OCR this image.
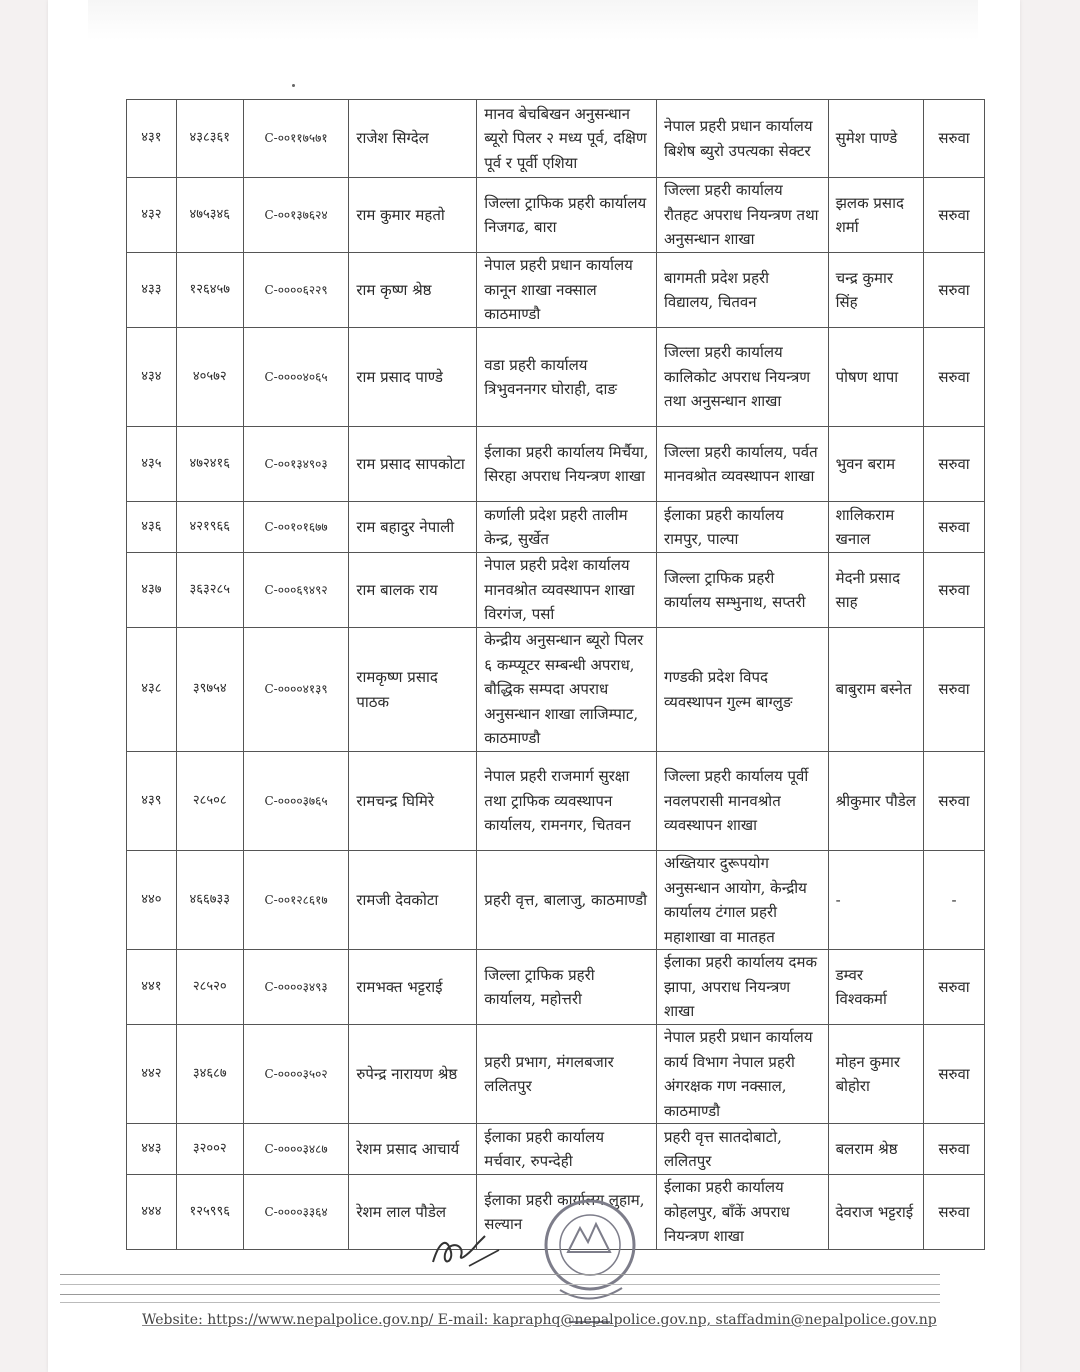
४३१	४३८३६१	C-००११७५७१	राजेश सिग्देल	मानव बेचबिखन अनुसन्धान ब्यूरो पिलर २ मध्य पूर्व, दक्षिण पूर्व र पूर्वी एशिया	नेपाल प्रहरी प्रधान कार्यालय बिशेष ब्युरो उपत्यका सेक्टर	सुमेश पाण्डे	सरुवा
४३२	४७५३४६	C-००१३७६२४	राम कुमार महतो	जिल्ला ट्राफिक प्रहरी कार्यालय निजगढ, बारा	जिल्ला प्रहरी कार्यालय रौतहट अपराध नियन्त्रण तथा अनुसन्धान शाखा	झलक प्रसाद शर्मा	सरुवा
४३३	१२६४५७	C-००००६२२९	राम कृष्ण श्रेष्ठ	नेपाल प्रहरी प्रधान कार्यालय कानून शाखा नक्साल काठमाण्डौ	बागमती प्रदेश प्रहरी विद्यालय, चितवन	चन्द्र कुमार सिंह	सरुवा
४३४	४०५७२	C-००००४०६५	राम प्रसाद पाण्डे	वडा प्रहरी कार्यालय त्रिभुवननगर घोराही, दाङ	जिल्ला प्रहरी कार्यालय कालिकोट अपराध नियन्त्रण तथा अनुसन्धान शाखा	पोषण थापा	सरुवा
४३५	४७२४१६	C-००१३४९०३	राम प्रसाद सापकोटा	ईलाका प्रहरी कार्यालय मिर्चैया, सिरहा अपराध नियन्त्रण शाखा	जिल्ला प्रहरी कार्यालय, पर्वत मानवश्रोत व्यवस्थापन शाखा	भुवन बराम	सरुवा
४३६	४२१९६६	C-००१०१६७७	राम बहादुर नेपाली	कर्णाली प्रदेश प्रहरी तालीम केन्द्र, सुर्खेत	ईलाका प्रहरी कार्यालय रामपुर, पाल्पा	शालिकराम खनाल	सरुवा
४३७	३६३२८५	C-०००६९४९२	राम बालक राय	नेपाल प्रहरी प्रदेश कार्यालय मानवश्रोत व्यवस्थापन शाखा विरगंज, पर्सा	जिल्ला ट्राफिक प्रहरी कार्यालय सम्भुनाथ, सप्तरी	मेदनी प्रसाद साह	सरुवा
४३८	३९७५४	C-००००४१३९	रामकृष्ण प्रसाद पाठक	केन्द्रीय अनुसन्धान ब्यूरो पिलर ६ कम्प्यूटर सम्बन्धी अपराध, बौद्धिक सम्पदा अपराध अनुसन्धान शाखा लाजिम्पाट, काठमाण्डौ	गण्डकी प्रदेश विपद व्यवस्थापन गुल्म बाग्लुङ	बाबुराम बस्नेत	सरुवा
४३९	२८५०८	C-००००३७६५	रामचन्द्र घिमिरे	नेपाल प्रहरी राजमार्ग सुरक्षा तथा ट्राफिक व्यवस्थापन कार्यालय, रामनगर, चितवन	जिल्ला प्रहरी कार्यालय पूर्वी नवलपरासी मानवश्रोत व्यवस्थापन शाखा	श्रीकुमार पौडेल	सरुवा
४४०	४६६७३३	C-००१२८६१७	रामजी देवकोटा	प्रहरी वृत्त, बालाजु, काठमाण्डौ	अख्तियार दुरूपयोग अनुसन्धान आयोग, केन्द्रीय कार्यालय टंगाल प्रहरी महाशाखा वा मातहत	-	-
४४१	२८५२०	C-००००३४९३	रामभक्त भट्टराई	जिल्ला ट्राफिक प्रहरी कार्यालय, महोत्तरी	ईलाका प्रहरी कार्यालय दमक झापा, अपराध नियन्त्रण शाखा	डम्वर विश्वकर्मा	सरुवा
४४२	३४६८७	C-००००३५०२	रुपेन्द्र नारायण श्रेष्ठ	प्रहरी प्रभाग, मंगलबजार ललितपुर	नेपाल प्रहरी प्रधान कार्यालय कार्य विभाग नेपाल प्रहरी अंगरक्षक गण नक्साल, काठमाण्डौ	मोहन कुमार बोहोरा	सरुवा
४४३	३२००२	C-००००३४८७	रेशम प्रसाद आचार्य	ईलाका प्रहरी कार्यालय मर्चवार, रुपन्देही	प्रहरी वृत्त सातदोबाटो, ललितपुर	बलराम श्रेष्ठ	सरुवा
४४४	१२५९९६	C-००००३३६४	रेशम लाल पौडेल	ईलाका प्रहरी कार्यालय लुहाम, सल्यान	ईलाका प्रहरी कार्यालय कोहलपुर, बाँकें अपराध नियन्त्रण शाखा	देवराज भट्टराई	सरुवा
Website: https://www.nepalpolice.gov.np/ E-mail: kapraphq@nepalpolice.gov.np, staffadmin@nepalpolice.gov.np
